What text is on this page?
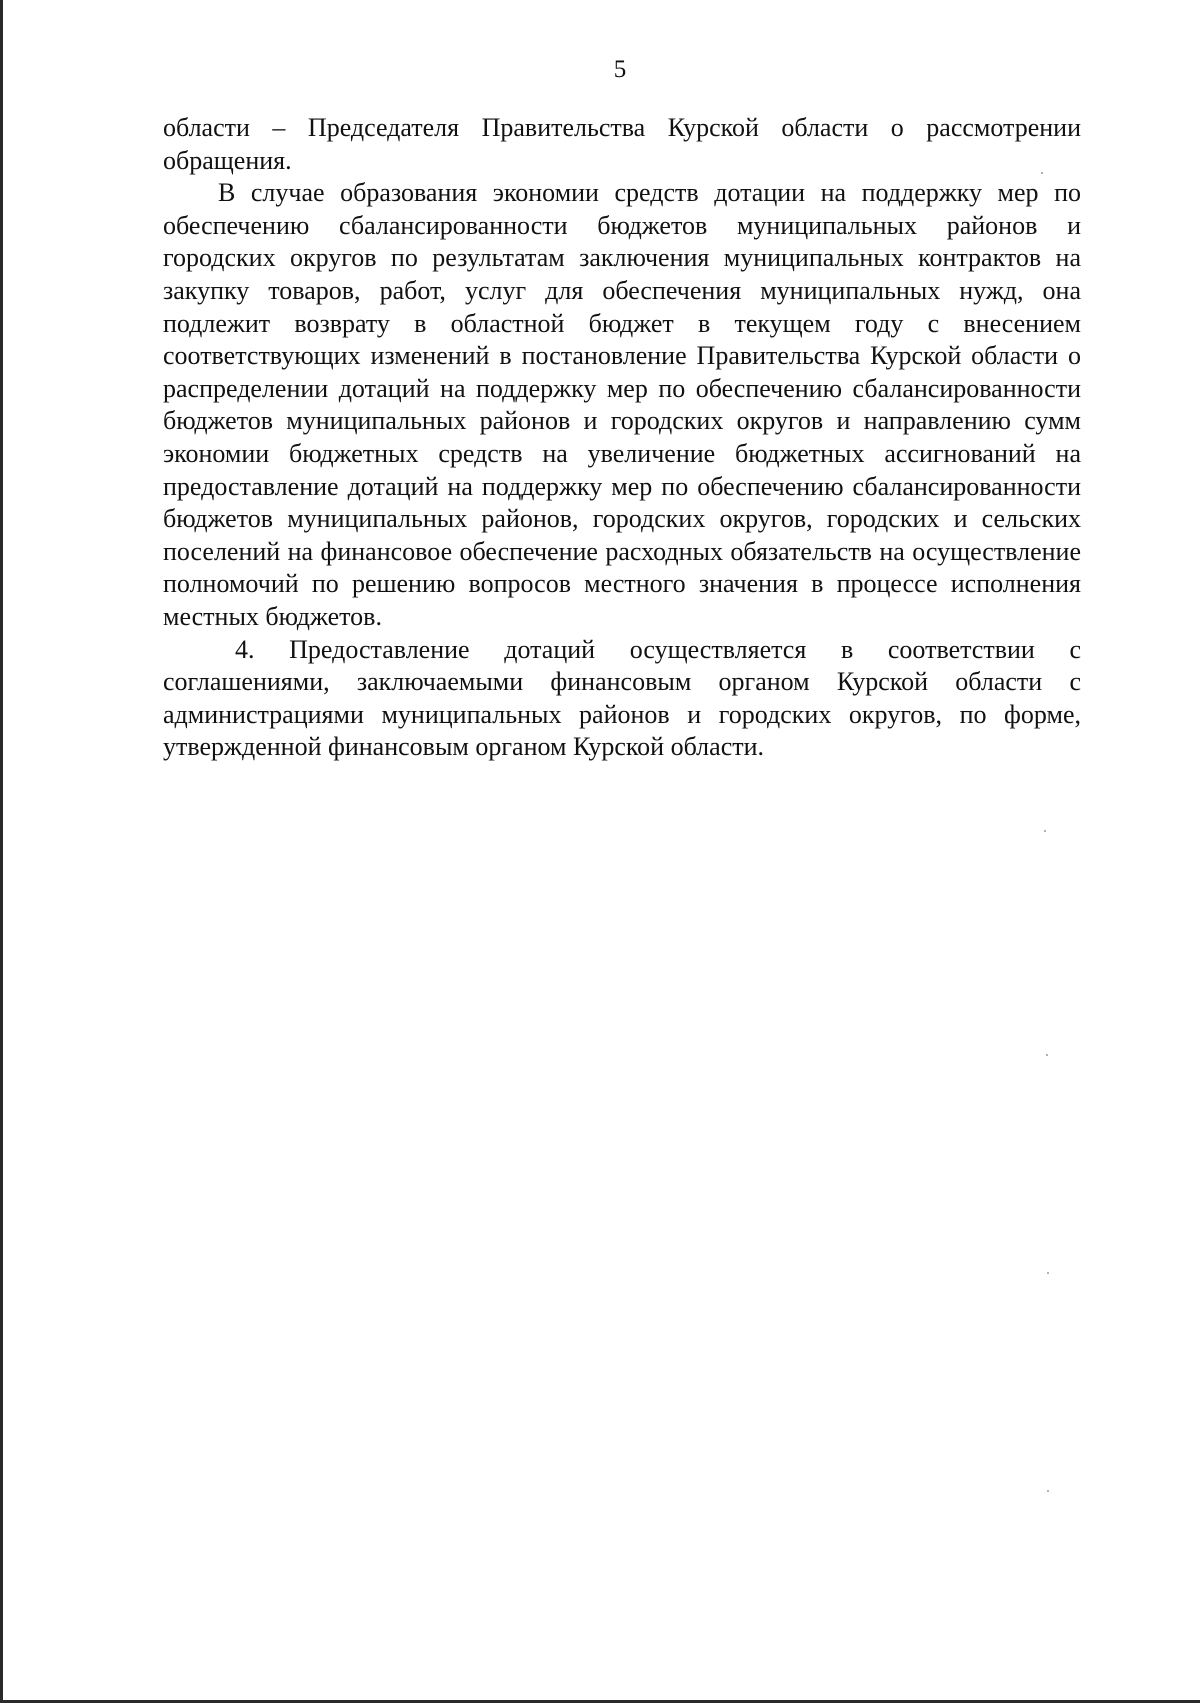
5

области – Председателя Правительства Курской области о рассмотрении обращения.

В случае образования экономии средств дотации на поддержку мер по обеспечению сбалансированности бюджетов муниципальных районов и городских округов по результатам заключения муниципальных контрактов на закупку товаров, работ, услуг для обеспечения муниципальных нужд, она подлежит возврату в областной бюджет в текущем году с внесением соответствующих изменений в постановление Правительства Курской области о распределении дотаций на поддержку мер по обеспечению сбалансированности бюджетов муниципальных районов и городских округов и направлению сумм экономии бюджетных средств на увеличение бюджетных ассигнований на предоставление дотаций на поддержку мер по обеспечению сбалансированности бюджетов муниципальных районов, городских округов, городских и сельских поселений на финансовое обеспечение расходных обязательств на осуществление полномочий по решению вопросов местного значения в процессе исполнения местных бюджетов.

4. Предоставление дотаций осуществляется в соответствии с соглашениями, заключаемыми финансовым органом Курской области с администрациями муниципальных районов и городских округов, по форме, утвержденной финансовым органом Курской области.
